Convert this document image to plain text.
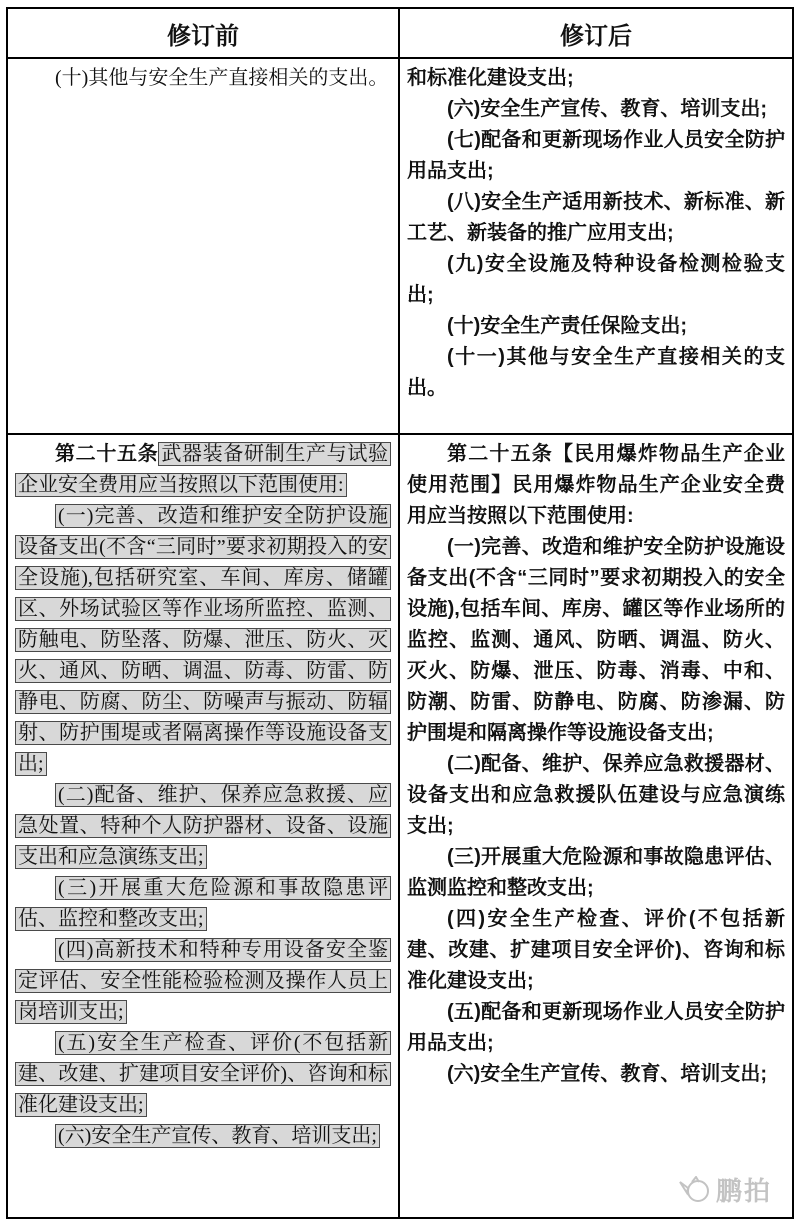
修订前	修订后

(十)其他与安全生产直接相关的支出。 和标准化建设支出;

(六)安全生产宣传、教育、培训支出;

(七)配备和更新现场作业人员安全防护用品支出;

(八)安全生产适用新技术、新标准、新工艺、新装备的推广应用支出;

(九)安全设施及特种设备检测检验支出;

(十)安全生产责任保险支出;

(十一)其他与安全生产直接相关的支出。

第二十五条 武器装备研制生产与试验企业安全费用应当按照以下范围使用:

(一)完善、改造和维护安全防护设施设备支出(不含“三同时”要求初期投入的安全设施),包括研究室、车间、库房、储罐区、外场试验区等作业场所监控、监测、防触电、防坠落、防爆、泄压、防火、灭火、通风、防晒、调温、防毒、防雷、防静电、防腐、防尘、防噪声与振动、防辐射、防护围堤或者隔离操作等设施设备支出;

(二)配备、维护、保养应急救援、应急处置、特种个人防护器材、设备、设施支出和应急演练支出;

(三)开展重大危险源和事故隐患评估、监控和整改支出;

(四)高新技术和特种专用设备安全鉴定评估、安全性能检验检测及操作人员上岗培训支出;

(五)安全生产检查、评价(不包括新建、改建、扩建项目安全评价)、咨询和标准化建设支出;

(六)安全生产宣传、教育、培训支出;

第二十五条【民用爆炸物品生产企业使用范围】民用爆炸物品生产企业安全费用应当按照以下范围使用:

(一)完善、改造和维护安全防护设施设备支出(不含“三同时”要求初期投入的安全设施),包括车间、库房、罐区等作业场所的监控、监测、通风、防晒、调温、防火、灭火、防爆、泄压、防毒、消毒、中和、防潮、防雷、防静电、防腐、防渗漏、防护围堤和隔离操作等设施设备支出;

(二)配备、维护、保养应急救援器材、设备支出和应急救援队伍建设与应急演练支出;

(三)开展重大危险源和事故隐患评估、监测监控和整改支出;

(四)安全生产检查、评价(不包括新建、改建、扩建项目安全评价)、咨询和标准化建设支出;

(五)配备和更新现场作业人员安全防护用品支出;

(六)安全生产宣传、教育、培训支出;

鹏拍
